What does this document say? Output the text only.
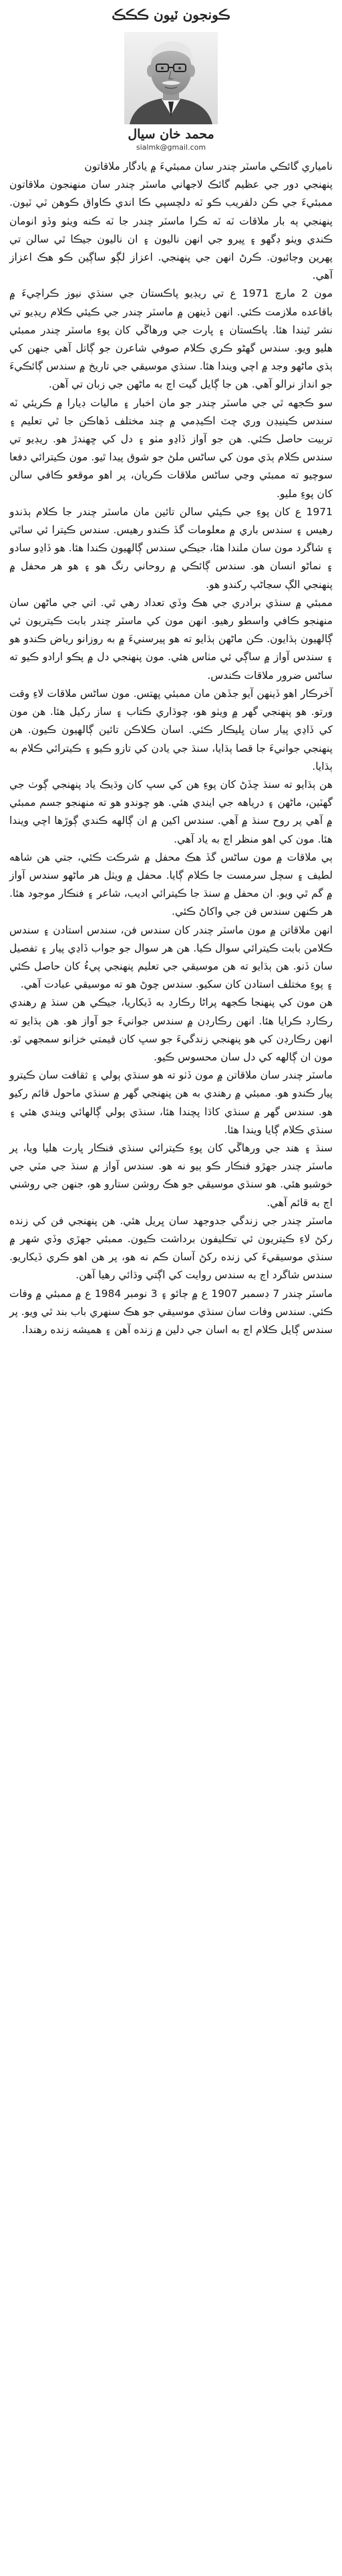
ڪونجون ٽيون ڪڪڪ
محمد خان سيال
sialmk@gmail.com

نامياري گائڪي ماسٽر چندر سان ممبئيءَ ۾ يادگار ملاقاتون

پنهنجي دور جي عظيم گائڪ لاجهاني ماسٽر چندر سان منهنجون ملاقاتون ممبئيءَ جي ڪن دلفريب ڪو ٽه دلچسپي ڪا اندي ڪاواق ڪوهن ٽي ٽيون. پنهنجي ٻه بار ملاقات ٽه ٽه ڪرا ماسٽر چندر جا ٽه ڪنه ويٺو وڏو انومان ڪندي ويٺو ڊگهو ۽ ڀيرو جي انهن ناليون ۽ ان ناليون جيڪا ٿي سالن تي پهرين وڄائيون. ڪرڻ انهن جي پنهنجي. اعزاز لڳو ساڳين ڪو هڪ اعزاز آهي.

مون 2 مارچ 1971 ع تي ريڊيو پاڪستان جي سنڌي نيوز ڪراچيءَ ۾ باقاعده ملازمت ڪئي. انهن ڏينهن ۾ ماسٽر چندر جي ڪيئي ڪلام ريڊيو تي نشر ٿيندا هئا. پاڪستان ۽ ڀارت جي ورهاڱي کان پوءِ ماسٽر چندر ممبئي هليو ويو. سندس گهڻو ڪري ڪلام صوفي شاعرن جو ڳاتل آهي جنهن کي ٻڌي ماڻهو وجد ۾ اچي ويندا هئا. سنڌي موسيقي جي تاريخ ۾ سندس ڳائڪيءَ جو انداز نرالو آهي. هن جا ڳايل گيت اڄ به ماڻهن جي زبان تي آهن.

سو ڪجهه ٿي جي ماسٽر چندر جو مان اخبار ۽ ماليات ڊيارا ۾ ڪريئي ٽه سندس ڪينيڊن وري چٽ اڪيڊمي ۾ چند مختلف ڏهاڪن جا ٿي تعليم ۽ تربيت حاصل ڪئي. هن جو آواز ڏاڍو مٺو ۽ دل کي ڇهندڙ هو. ريڊيو تي سندس ڪلام ٻڌي مون کي ساڻس ملڻ جو شوق پيدا ٿيو. مون ڪيترائي دفعا سوچيو ته ممبئي وڃي ساڻس ملاقات ڪريان، پر اهو موقعو ڪافي سالن کان پوءِ مليو.

1971 ع کان پوءِ جي ڪيئي سالن تائين مان ماسٽر چندر جا ڪلام ٻڌندو رهيس ۽ سندس باري ۾ معلومات گڏ ڪندو رهيس. سندس ڪيترا ئي ساٿي ۽ شاگرد مون سان ملندا هئا، جيڪي سندس ڳالهيون ڪندا هئا. هو ڏاڍو سادو ۽ نماڻو انسان هو. سندس ڳائڪي ۾ روحاني رنگ هو ۽ هو هر محفل ۾ پنهنجي الڳ سڃاڻپ رکندو هو.

ممبئي ۾ سنڌي برادري جي هڪ وڏي تعداد رهي ٿي. اتي جي ماڻهن سان منهنجو ڪافي واسطو رهيو. انهن مون کي ماسٽر چندر بابت ڪيتريون ئي ڳالهيون ٻڌايون. ڪن ماڻهن ٻڌايو ته هو پيرسنيءَ ۾ به روزانو رياض ڪندو هو ۽ سندس آواز ۾ ساڳي ئي مٺاس هئي. مون پنهنجي دل ۾ پڪو ارادو ڪيو ته ساڻس ضرور ملاقات ڪندس.

آخرڪار اهو ڏينهن آيو جڏهن مان ممبئي پهتس. مون ساڻس ملاقات لاءِ وقت ورتو. هو پنهنجي گهر ۾ ويٺو هو، چوڌاري ڪتاب ۽ ساز رکيل هئا. هن مون کي ڏاڍي پيار سان ڀليڪار ڪئي. اسان ڪلاڪن تائين ڳالهيون ڪيون. هن پنهنجي جوانيءَ جا قصا ٻڌايا، سنڌ جي يادن کي تازو ڪيو ۽ ڪيترائي ڪلام به ٻڌايا.

هن ٻڌايو ته سنڌ ڇڏڻ کان پوءِ هن کي سڀ کان وڌيڪ ياد پنهنجي ڳوٺ جي گهٽين، ماڻهن ۽ درياهه جي ايندي هئي. هو چوندو هو ته منهنجو جسم ممبئي ۾ آهي پر روح سنڌ ۾ آهي. سندس اکين ۾ ان ڳالهه ڪندي ڳوڙها اچي ويندا هئا. مون کي اهو منظر اڄ به ياد آهي.

ٻي ملاقات ۾ مون ساڻس گڏ هڪ محفل ۾ شرڪت ڪئي، جتي هن شاهه لطيف ۽ سچل سرمست جا ڪلام ڳايا. محفل ۾ ويٺل هر ماڻهو سندس آواز ۾ گم ٿي ويو. ان محفل ۾ سنڌ جا ڪيترائي اديب، شاعر ۽ فنڪار موجود هئا. هر ڪنهن سندس فن جي واکاڻ ڪئي.

انهن ملاقاتن ۾ مون ماسٽر چندر کان سندس فن، سندس استادن ۽ سندس ڪلامن بابت ڪيترائي سوال ڪيا. هن هر سوال جو جواب ڏاڍي پيار ۽ تفصيل سان ڏنو. هن ٻڌايو ته هن موسيقي جي تعليم پنهنجي پيءُ کان حاصل ڪئي ۽ پوءِ مختلف استادن کان سکيو. سندس چوڻ هو ته موسيقي عبادت آهي.

هن مون کي پنهنجا ڪجهه پراڻا رڪارڊ به ڏيکاريا، جيڪي هن سنڌ ۾ رهندي رڪارڊ ڪرايا هئا. انهن رڪارڊن ۾ سندس جوانيءَ جو آواز هو. هن ٻڌايو ته انهن رڪارڊن کي هو پنهنجي زندگيءَ جو سڀ کان قيمتي خزانو سمجهي ٿو. مون ان ڳالهه کي دل سان محسوس ڪيو.

ماسٽر چندر سان ملاقاتن ۾ مون ڏٺو ته هو سنڌي ٻولي ۽ ثقافت سان ڪيترو پيار ڪندو هو. ممبئي ۾ رهندي به هن پنهنجي گهر ۾ سنڌي ماحول قائم رکيو هو. سندس گهر ۾ سنڌي کاڌا پچندا هئا، سنڌي ٻولي ڳالهائي ويندي هئي ۽ سنڌي ڪلام ڳايا ويندا هئا.

سنڌ ۽ هند جي ورهاڱي کان پوءِ ڪيترائي سنڌي فنڪار ڀارت هليا ويا، پر ماسٽر چندر جهڙو فنڪار ڪو ٻيو نه هو. سندس آواز ۾ سنڌ جي مٽي جي خوشبو هئي. هو سنڌي موسيقي جو هڪ روشن ستارو هو، جنهن جي روشني اڄ به قائم آهي.

ماسٽر چندر جي زندگي جدوجهد سان ڀريل هئي. هن پنهنجي فن کي زنده رکڻ لاءِ ڪيتريون ئي تڪليفون برداشت ڪيون. ممبئي جهڙي وڏي شهر ۾ سنڌي موسيقيءَ کي زنده رکڻ آسان ڪم نه هو، پر هن اهو ڪري ڏيکاريو. سندس شاگرد اڄ به سندس روايت کي اڳتي وڌائي رهيا آهن.

ماسٽر چندر 7 ڊسمبر 1907 ع ۾ ڄائو ۽ 3 نومبر 1984 ع ۾ ممبئي ۾ وفات ڪئي. سندس وفات سان سنڌي موسيقي جو هڪ سنهري باب بند ٿي ويو. پر سندس ڳايل ڪلام اڄ به اسان جي دلين ۾ زنده آهن ۽ هميشه زنده رهندا.
